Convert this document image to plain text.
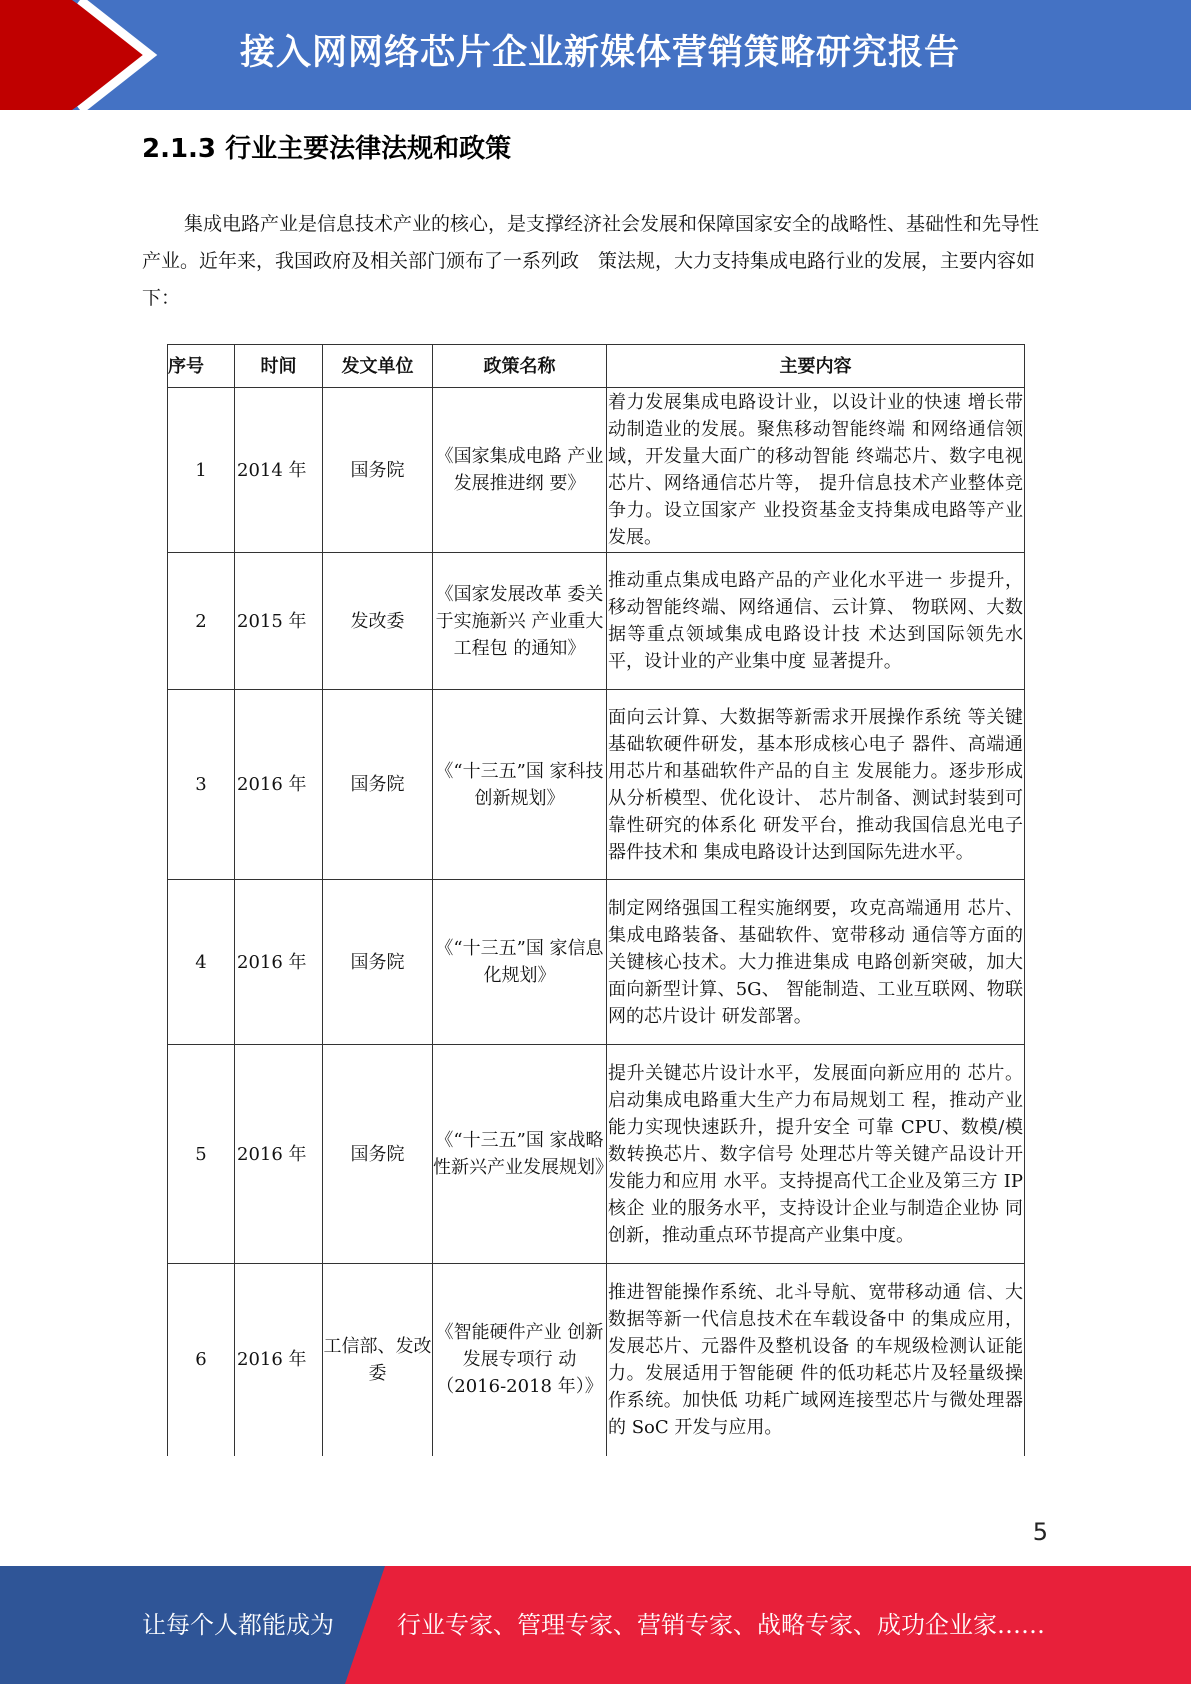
接入网网络芯片企业新媒体营销策略研究报告
2.1.3 行业主要法律法规和政策
集成电路产业是信息技术产业的核心，是支撑经济社会发展和保障国家安全的战略性、基础性和先导性产业。近年来，我国政府及相关部门颁布了一系列政　策法规，大力支持集成电路行业的发展，主要内容如下：
序号	时间	发文单位	政策名称	主要内容
1	2014 年	国务院	《国家集成电路 产业发展推进纲 要》	着力发展集成电路设计业，以设计业的快速 增长带动制造业的发展。聚焦移动智能终端 和网络通信领域，开发量大面广的移动智能 终端芯片、数字电视芯片、网络通信芯片等， 提升信息技术产业整体竞争力。设立国家产 业投资基金支持集成电路等产业发展。
2	2015 年	发改委	《国家发展改革 委关于实施新兴 产业重大工程包 的通知》	推动重点集成电路产品的产业化水平进一 步提升，移动智能终端、网络通信、云计算、 物联网、大数据等重点领域集成电路设计技 术达到国际领先水平，设计业的产业集中度 显著提升。
3	2016 年	国务院	《“十三五”国 家科技创新规划》	面向云计算、大数据等新需求开展操作系统 等关键基础软硬件研发，基本形成核心电子 器件、高端通用芯片和基础软件产品的自主 发展能力。逐步形成从分析模型、优化设计、 芯片制备、测试封装到可靠性研究的体系化 研发平台，推动我国信息光电子器件技术和 集成电路设计达到国际先进水平。
4	2016 年	国务院	《“十三五”国 家信息化规划》	制定网络强国工程实施纲要，攻克高端通用 芯片、集成电路装备、基础软件、宽带移动 通信等方面的关键核心技术。大力推进集成 电路创新突破，加大面向新型计算、5G、 智能制造、工业互联网、物联网的芯片设计 研发部署。
5	2016 年	国务院	《“十三五”国 家战略性新兴产业发展规划》	提升关键芯片设计水平，发展面向新应用的 芯片。启动集成电路重大生产力布局规划工 程，推动产业能力实现快速跃升，提升安全 可靠 CPU、数模/模数转换芯片、数字信号 处理芯片等关键产品设计开发能力和应用 水平。支持提高代工企业及第三方 IP 核企 业的服务水平，支持设计企业与制造企业协 同创新，推动重点环节提高产业集中度。
6	2016 年	工信部、发改委	《智能硬件产业 创新发展专项行 动（2016-2018 年）》	推进智能操作系统、北斗导航、宽带移动通 信、大数据等新一代信息技术在车载设备中 的集成应用，发展芯片、元器件及整机设备 的车规级检测认证能力。发展适用于智能硬 件的低功耗芯片及轻量级操作系统。加快低 功耗广域网连接型芯片与微处理器的 SoC 开发与应用。
5
让每个人都能成为	行业专家、管理专家、营销专家、战略专家、成功企业家……
